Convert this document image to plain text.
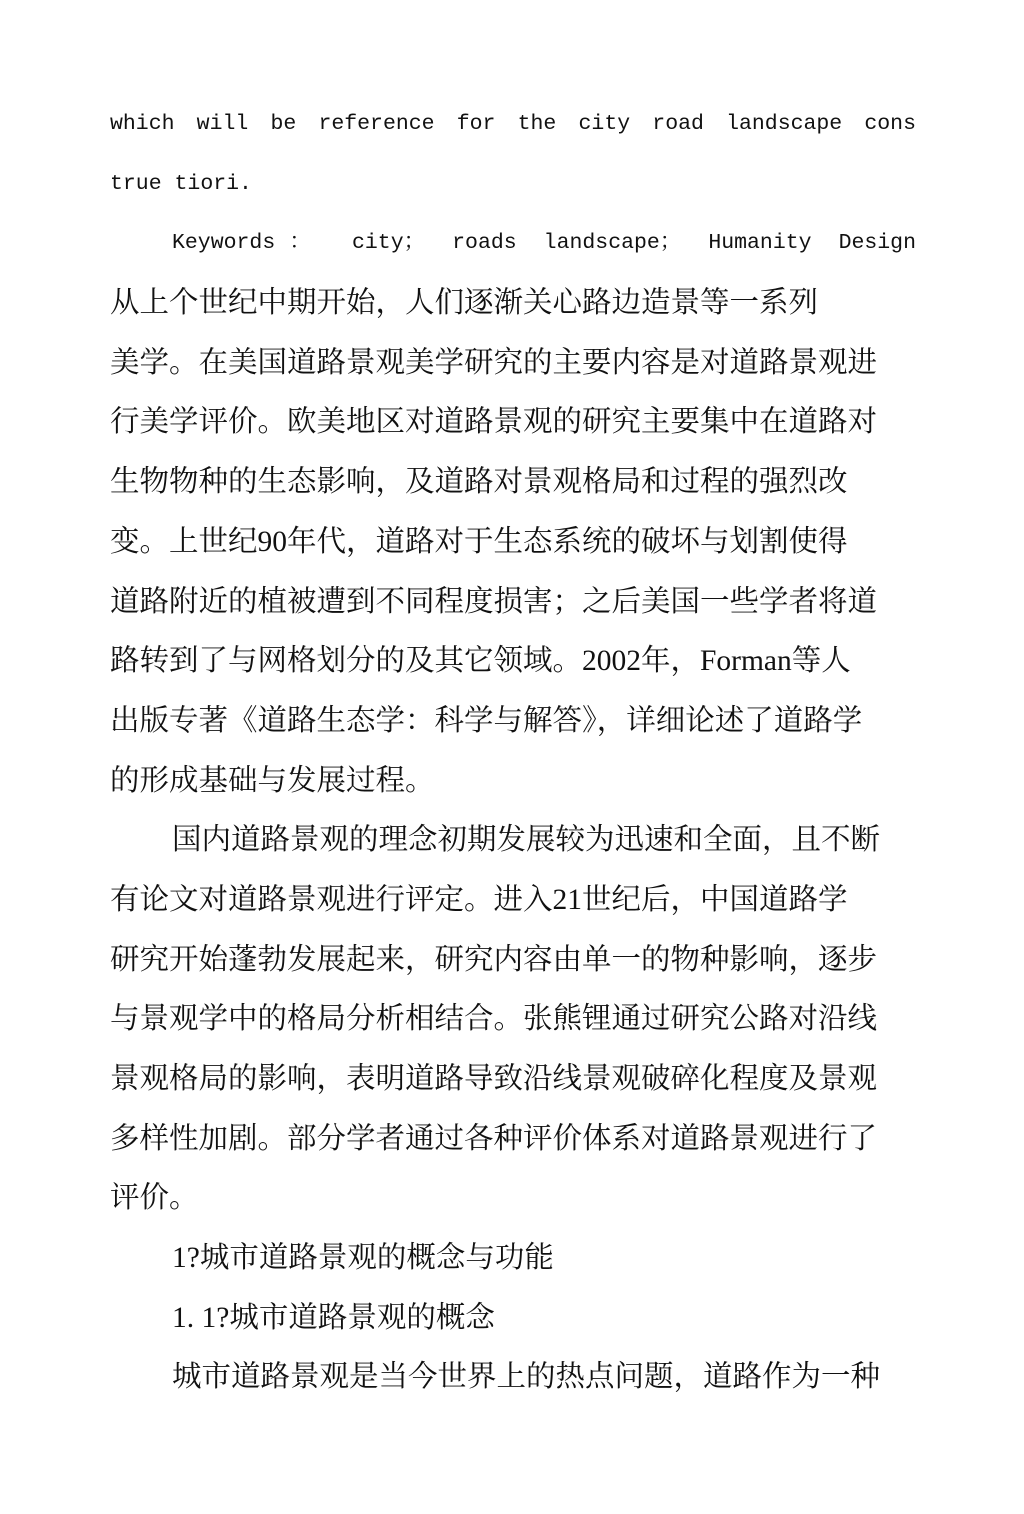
which will be reference for the city road landscape cons
true tiori.
Keywords： city； roads landscape； Humanity Design
从上个世纪中期开始，人们逐渐关心路边造景等一系列
美学。在美国道路景观美学研究的主要内容是对道路景观进
行美学评价。欧美地区对道路景观的研究主要集中在道路对
生物物种的生态影响，及道路对景观格局和过程的强烈改
变。上世纪90年代，道路对于生态系统的破坏与划割使得
道路附近的植被遭到不同程度损害；之后美国一些学者将道
路转到了与网格划分的及其它领域。2002年，Forman等人
出版专著《道路生态学：科学与解答》，详细论述了道路学
的形成基础与发展过程。
国内道路景观的理念初期发展较为迅速和全面，且不断
有论文对道路景观进行评定。进入21世纪后，中国道路学
研究开始蓬勃发展起来，研究内容由单一的物种影响，逐步
与景观学中的格局分析相结合。张熊锂通过研究公路对沿线
景观格局的影响，表明道路导致沿线景观破碎化程度及景观
多样性加剧。部分学者通过各种评价体系对道路景观进行了
评价。
1?城市道路景观的概念与功能
1. 1?城市道路景观的概念
城市道路景观是当今世界上的热点问题，道路作为一种
